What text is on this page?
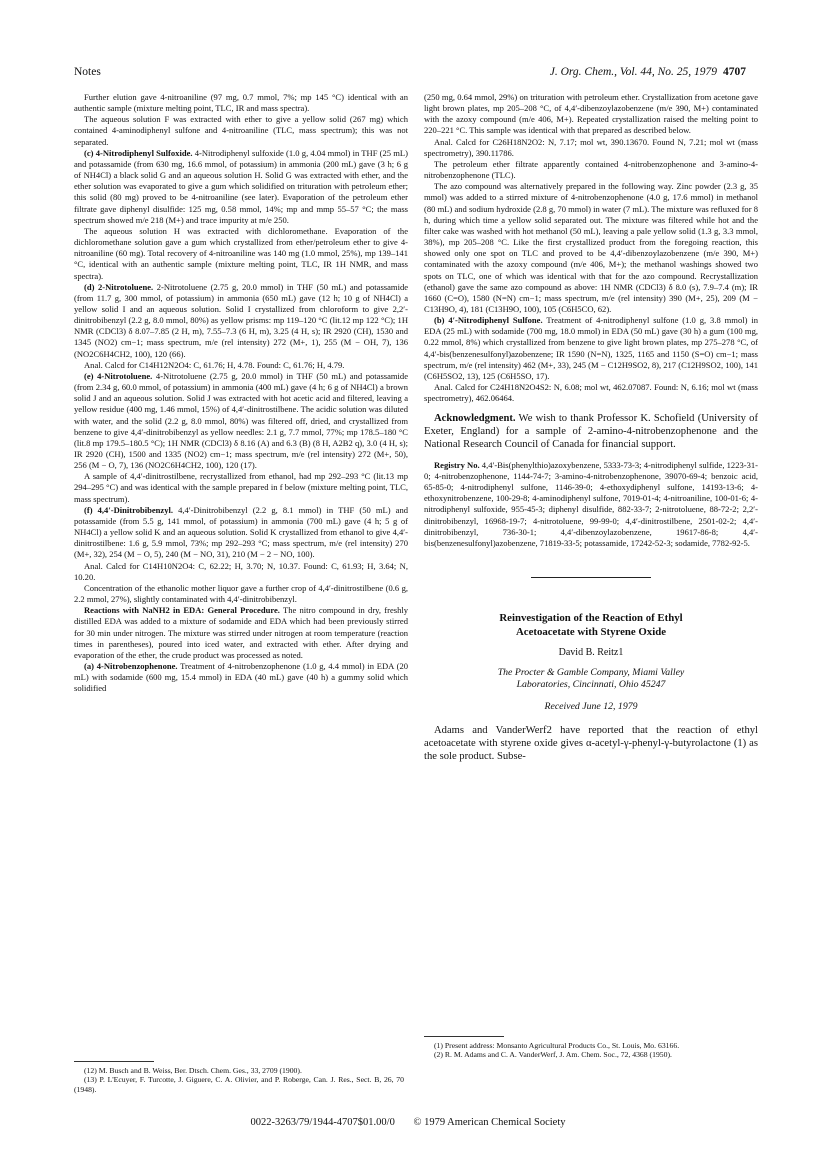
Notes	J. Org. Chem., Vol. 44, No. 25, 1979 4707

Further elution gave 4-nitroaniline (97 mg, 0.7 mmol, 7%; mp 145 °C) identical with an authentic sample (mixture melting point, TLC, IR and mass spectra).

The aqueous solution F was extracted with ether to give a yellow solid (267 mg) which contained 4-aminodiphenyl sulfone and 4-nitroaniline (TLC, mass spectrum); this was not separated.

(c) 4-Nitrodiphenyl Sulfoxide. 4-Nitrodiphenyl sulfoxide (1.0 g, 4.04 mmol) in THF (25 mL) and potassamide (from 630 mg, 16.6 mmol, of potassium) in ammonia (200 mL) gave (3 h; 6 g of NH4Cl) a black solid G and an aqueous solution H. Solid G was extracted with ether, and the ether solution was evaporated to give a gum which solidified on trituration with petroleum ether; this solid (80 mg) proved to be 4-nitroaniline (see later). Evaporation of the petroleum ether filtrate gave diphenyl disulfide: 125 mg, 0.58 mmol, 14%; mp and mmp 55–57 °C; the mass spectrum showed m/e 218 (M+) and trace impurity at m/e 250.

The aqueous solution H was extracted with dichloromethane. Evaporation of the dichloromethane solution gave a gum which crystallized from ether/petroleum ether to give 4-nitroaniline (60 mg). Total recovery of 4-nitroaniline was 140 mg (1.0 mmol, 25%), mp 139–141 °C, identical with an authentic sample (mixture melting point, TLC, IR 1H NMR, and mass spectra).

(d) 2-Nitrotoluene. 2-Nitrotoluene (2.75 g, 20.0 mmol) in THF (50 mL) and potassamide (from 11.7 g, 300 mmol, of potassium) in ammonia (650 mL) gave (12 h; 10 g of NH4Cl) a yellow solid I and an aqueous solution. Solid I crystallized from chloroform to give 2,2′-dinitrobibenzyl (2.2 g, 8.0 mmol, 80%) as yellow prisms: mp 119–120 °C (lit.12 mp 122 °C); 1H NMR (CDCl3) δ 8.07–7.85 (2 H, m), 7.55–7.3 (6 H, m), 3.25 (4 H, s); IR 2920 (CH), 1530 and 1345 (NO2) cm−1; mass spectrum, m/e (rel intensity) 272 (M+, 1), 255 (M − OH, 7), 136 (NO2C6H4CH2, 100), 120 (66).

Anal. Calcd for C14H12N2O4: C, 61.76; H, 4.78. Found: C, 61.76; H, 4.79.

(e) 4-Nitrotoluene. 4-Nitrotoluene (2.75 g, 20.0 mmol) in THF (50 mL) and potassamide (from 2.34 g, 60.0 mmol, of potassium) in ammonia (400 mL) gave (4 h; 6 g of NH4Cl) a brown solid J and an aqueous solution. Solid J was extracted with hot acetic acid and filtered, leaving a yellow residue (400 mg, 1.46 mmol, 15%) of 4,4′-dinitrostilbene. The acidic solution was diluted with water, and the solid (2.2 g, 8.0 mmol, 80%) was filtered off, dried, and crystallized from benzene to give 4,4′-dinitrobibenzyl as yellow needles: 2.1 g, 7.7 mmol, 77%; mp 178.5–180 °C (lit.8 mp 179.5–180.5 °C); 1H NMR (CDCl3) δ 8.16 (A) and 6.3 (B) (8 H, A2B2 q), 3.0 (4 H, s); IR 2920 (CH), 1500 and 1335 (NO2) cm−1; mass spectrum, m/e (rel intensity) 272 (M+, 50), 256 (M − O, 7), 136 (NO2C6H4CH2, 100), 120 (17).

A sample of 4,4′-dinitrostilbene, recrystallized from ethanol, had mp 292–293 °C (lit.13 mp 294–295 °C) and was identical with the sample prepared in f below (mixture melting point, TLC, mass spectrum).

(f) 4,4′-Dinitrobibenzyl. 4,4′-Dinitrobibenzyl (2.2 g, 8.1 mmol) in THF (50 mL) and potassamide (from 5.5 g, 141 mmol, of potassium) in ammonia (700 mL) gave (4 h; 5 g of NH4Cl) a yellow solid K and an aqueous solution. Solid K crystallized from ethanol to give 4,4′-dinitrostilbene: 1.6 g, 5.9 mmol, 73%; mp 292–293 °C; mass spectrum, m/e (rel intensity) 270 (M+, 32), 254 (M − O, 5), 240 (M − NO, 31), 210 (M − 2 − NO, 100).

Anal. Calcd for C14H10N2O4: C, 62.22; H, 3.70; N, 10.37. Found: C, 61.93; H, 3.64; N, 10.20.

Concentration of the ethanolic mother liquor gave a further crop of 4,4′-dinitrostilbene (0.6 g, 2.2 mmol, 27%), slightly contaminated with 4,4′-dinitrobibenzyl.

Reactions with NaNH2 in EDA: General Procedure. The nitro compound in dry, freshly distilled EDA was added to a mixture of sodamide and EDA which had been previously stirred for 30 min under nitrogen. The mixture was stirred under nitrogen at room temperature (reaction times in parentheses), poured into iced water, and extracted with ether. After drying and evaporation of the ether, the crude product was processed as noted.

(a) 4-Nitrobenzophenone. Treatment of 4-nitrobenzophenone (1.0 g, 4.4 mmol) in EDA (20 mL) with sodamide (600 mg, 15.4 mmol) in EDA (40 mL) gave (40 h) a gummy solid which solidified

(250 mg, 0.64 mmol, 29%) on trituration with petroleum ether. Crystallization from acetone gave light brown plates, mp 205–208 °C, of 4,4′-dibenzoylazobenzene (m/e 390, M+) contaminated with the azoxy compound (m/e 406, M+). Repeated crystallization raised the melting point to 220–221 °C. This sample was identical with that prepared as described below.

Anal. Calcd for C26H18N2O2: N, 7.17; mol wt, 390.13670. Found N, 7.21; mol wt (mass spectrometry), 390.11786.

The petroleum ether filtrate apparently contained 4-nitrobenzophenone and 3-amino-4-nitrobenzophenone (TLC).

The azo compound was alternatively prepared in the following way. Zinc powder (2.3 g, 35 mmol) was added to a stirred mixture of 4-nitrobenzophenone (4.0 g, 17.6 mmol) in methanol (80 mL) and sodium hydroxide (2.8 g, 70 mmol) in water (7 mL). The mixture was refluxed for 8 h, during which time a yellow solid separated out. The mixture was filtered while hot and the filter cake was washed with hot methanol (50 mL), leaving a pale yellow solid (1.3 g, 3.3 mmol, 38%), mp 205–208 °C. Like the first crystallized product from the foregoing reaction, this showed only one spot on TLC and proved to be 4,4′-dibenzoylazobenzene (m/e 390, M+) contaminated with the azoxy compound (m/e 406, M+); the methanol washings showed two spots on TLC, one of which was identical with that for the azo compound. Recrystallization (ethanol) gave the same azo compound as above: 1H NMR (CDCl3) δ 8.0 (s), 7.9–7.4 (m); IR 1660 (C=O), 1580 (N=N) cm−1; mass spectrum, m/e (rel intensity) 390 (M+, 25), 209 (M − C13H9O, 4), 181 (C13H9O, 100), 105 (C6H5CO, 62).

(b) 4′-Nitrodiphenyl Sulfone. Treatment of 4-nitrodiphenyl sulfone (1.0 g, 3.8 mmol) in EDA (25 mL) with sodamide (700 mg, 18.0 mmol) in EDA (50 mL) gave (30 h) a gum (100 mg, 0.22 mmol, 8%) which crystallized from benzene to give light brown plates, mp 275–278 °C, of 4,4′-bis(benzenesulfonyl)azobenzene; IR 1590 (N=N), 1325, 1165 and 1150 (S=O) cm−1; mass spectrum, m/e (rel intensity) 462 (M+, 33), 245 (M − C12H9SO2, 8), 217 (C12H9SO2, 100), 141 (C6H5SO2, 13), 125 (C6H5SO, 17).

Anal. Calcd for C24H18N2O4S2: N, 6.08; mol wt, 462.07087. Found: N, 6.16; mol wt (mass spectrometry), 462.06464.

Acknowledgment. We wish to thank Professor K. Schofield (University of Exeter, England) for a sample of 2-amino-4-nitrobenzophenone and the National Research Council of Canada for financial support.

Registry No. 4,4′-Bis(phenylthio)azoxybenzene, 5333-73-3; 4-nitrodiphenyl sulfide, 1223-31-0; 4-nitrobenzophenone, 1144-74-7; 3-amino-4-nitrobenzophenone, 39070-69-4; benzoic acid, 65-85-0; 4-nitrodiphenyl sulfone, 1146-39-0; 4-ethoxydiphenyl sulfone, 14193-13-6; 4-ethoxynitrobenzene, 100-29-8; 4-aminodiphenyl sulfone, 7019-01-4; 4-nitroaniline, 100-01-6; 4-nitrodiphenyl sulfoxide, 955-45-3; diphenyl disulfide, 882-33-7; 2-nitrotoluene, 88-72-2; 2,2′-dinitrobibenzyl, 16968-19-7; 4-nitrotoluene, 99-99-0; 4,4′-dinitrostilbene, 2501-02-2; 4,4′-dinitrobibenzyl, 736-30-1; 4,4′-dibenzoylazobenzene, 19617-86-8; 4,4′-bis(benzenesulfonyl)azobenzene, 71819-33-5; potassamide, 17242-52-3; sodamide, 7782-92-5.

Reinvestigation of the Reaction of Ethyl
Acetoacetate with Styrene Oxide
David B. Reitz1
The Procter & Gamble Company, Miami Valley
Laboratories, Cincinnati, Ohio 45247
Received June 12, 1979

Adams and VanderWerf2 have reported that the reaction of ethyl acetoacetate with styrene oxide gives α-acetyl-γ-phenyl-γ-butyrolactone (1) as the sole product. Subse-

(12) M. Busch and B. Weiss, Ber. Dtsch. Chem. Ges., 33, 2709 (1900).

(13) P. L'Ecuyer, F. Turcotte, J. Giguere, C. A. Olivier, and P. Roberge, Can. J. Res., Sect. B, 26, 70 (1948).

(1) Present address: Monsanto Agricultural Products Co., St. Louis, Mo. 63166.

(2) R. M. Adams and C. A. VanderWerf, J. Am. Chem. Soc., 72, 4368 (1950).

0022-3263/79/1944-4707$01.00/0 © 1979 American Chemical Society
